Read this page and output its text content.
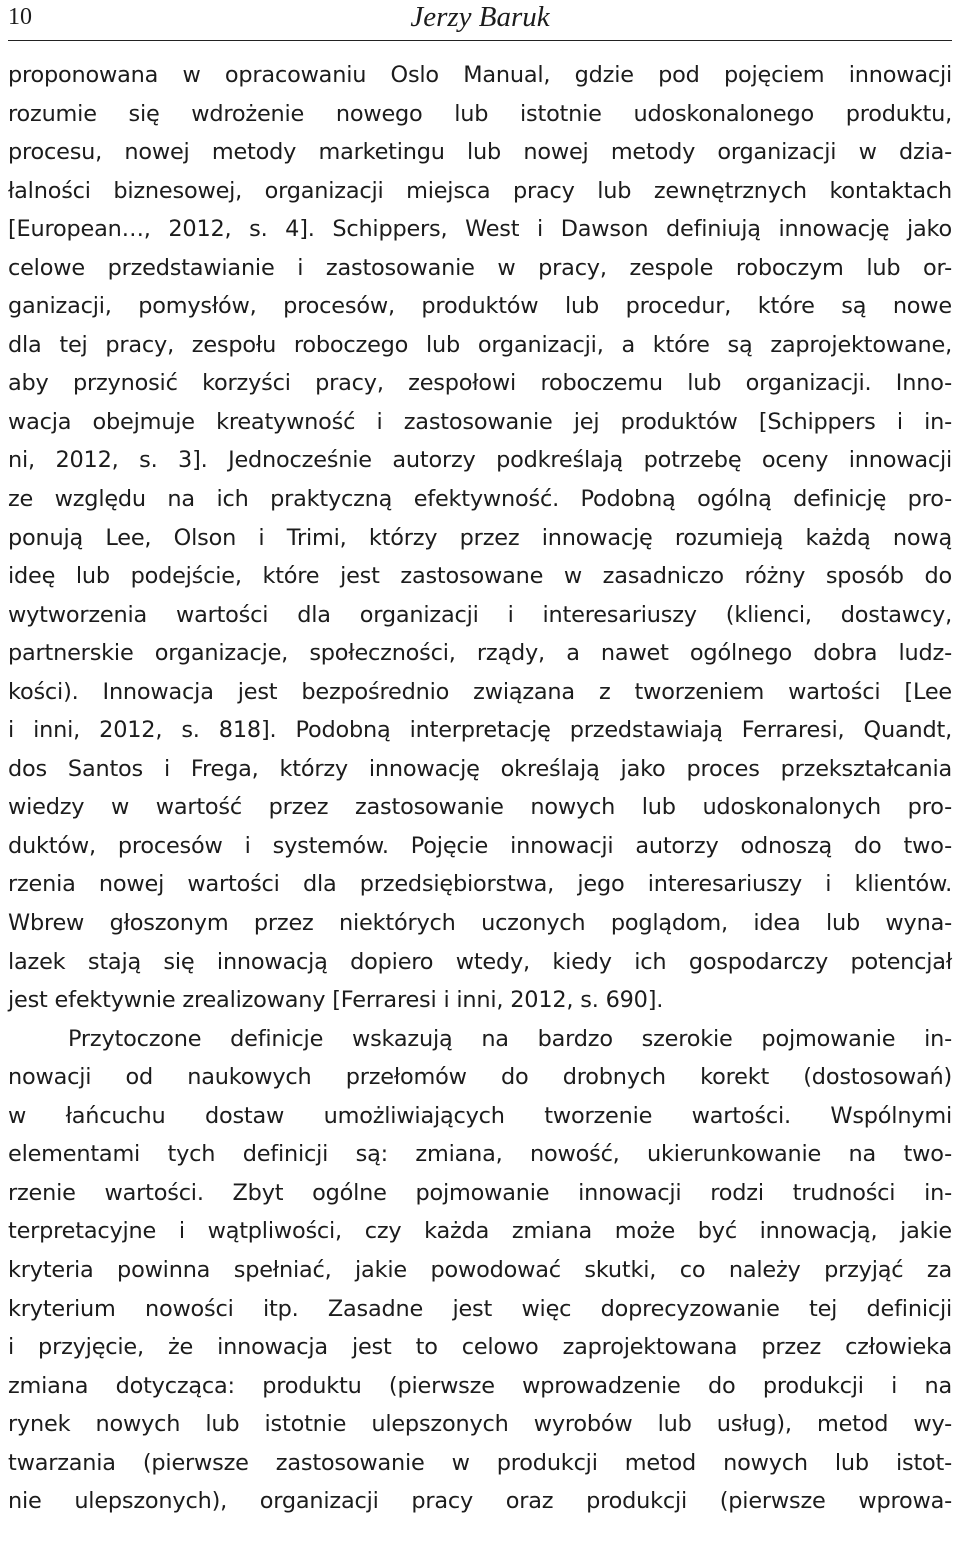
10	Jerzy Baruk
proponowana w opracowaniu Oslo Manual, gdzie pod pojęciem innowacji
rozumie się wdrożenie nowego lub istotnie udoskonalonego produktu,
procesu, nowej metody marketingu lub nowej metody organizacji w dzia-
łalności biznesowej, organizacji miejsca pracy lub zewnętrznych kontaktach
[European…, 2012, s. 4]. Schippers, West i Dawson definiują innowację jako
celowe przedstawianie i zastosowanie w pracy, zespole roboczym lub or-
ganizacji, pomysłów, procesów, produktów lub procedur, które są nowe
dla tej pracy, zespołu roboczego lub organizacji, a które są zaprojektowane,
aby przynosić korzyści pracy, zespołowi roboczemu lub organizacji. Inno-
wacja obejmuje kreatywność i zastosowanie jej produktów [Schippers i in-
ni, 2012, s. 3]. Jednocześnie autorzy podkreślają potrzebę oceny innowacji
ze względu na ich praktyczną efektywność. Podobną ogólną definicję pro-
ponują Lee, Olson i Trimi, którzy przez innowację rozumieją każdą nową
ideę lub podejście, które jest zastosowane w zasadniczo różny sposób do
wytworzenia wartości dla organizacji i interesariuszy (klienci, dostawcy,
partnerskie organizacje, społeczności, rządy, a nawet ogólnego dobra ludz-
kości). Innowacja jest bezpośrednio związana z tworzeniem wartości [Lee
i inni, 2012, s. 818]. Podobną interpretację przedstawiają Ferraresi, Quandt,
dos Santos i Frega, którzy innowację określają jako proces przekształcania
wiedzy w wartość przez zastosowanie nowych lub udoskonalonych pro-
duktów, procesów i systemów. Pojęcie innowacji autorzy odnoszą do two-
rzenia nowej wartości dla przedsiębiorstwa, jego interesariuszy i klientów.
Wbrew głoszonym przez niektórych uczonych poglądom, idea lub wyna-
lazek stają się innowacją dopiero wtedy, kiedy ich gospodarczy potencjał
jest efektywnie zrealizowany [Ferraresi i inni, 2012, s. 690].
Przytoczone definicje wskazują na bardzo szerokie pojmowanie in-
nowacji od naukowych przełomów do drobnych korekt (dostosowań)
w łańcuchu dostaw umożliwiających tworzenie wartości. Wspólnymi
elementami tych definicji są: zmiana, nowość, ukierunkowanie na two-
rzenie wartości. Zbyt ogólne pojmowanie innowacji rodzi trudności in-
terpretacyjne i wątpliwości, czy każda zmiana może być innowacją, jakie
kryteria powinna spełniać, jakie powodować skutki, co należy przyjąć za
kryterium nowości itp. Zasadne jest więc doprecyzowanie tej definicji
i przyjęcie, że innowacja jest to celowo zaprojektowana przez człowieka
zmiana dotycząca: produktu (pierwsze wprowadzenie do produkcji i na
rynek nowych lub istotnie ulepszonych wyrobów lub usług), metod wy-
twarzania (pierwsze zastosowanie w produkcji metod nowych lub istot-
nie ulepszonych), organizacji pracy oraz produkcji (pierwsze wprowa-
